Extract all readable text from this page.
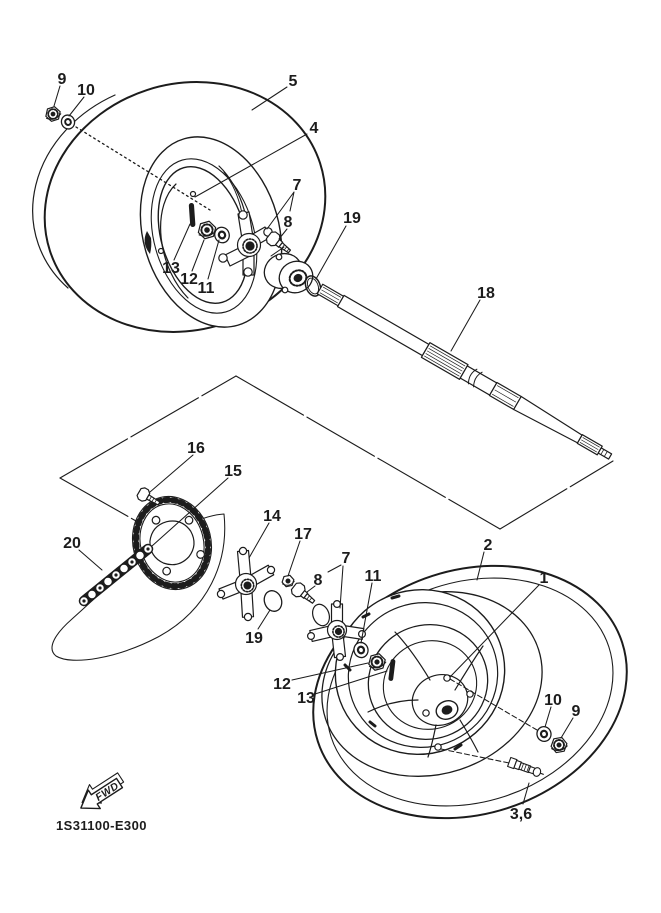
FWD
1S31100-E300
9
10
5
4
7
8	19
18
13
12
11
16
15
20
14
17
7
8
19
11
12
13
2
1
10
9
3,6
